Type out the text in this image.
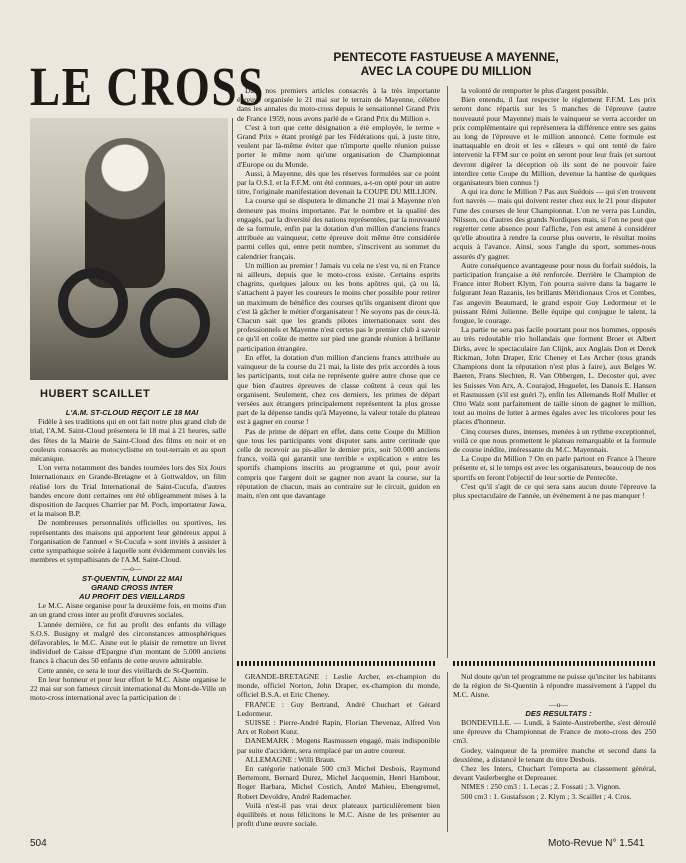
LE CROSS	PENTECOTE FASTUEUSE A MAYENNE,
AVEC LA COUPE DU MILLION
HUBERT SCAILLET

Dans nos premiers articles consacrés à la très importante épreuve organisée le 21 mai sur le terrain de Mayenne, célèbre dans les annales du moto-cross depuis le sensationnel Grand Prix de France 1959, nous avons parlé de « Grand Prix du Million ».

C'est à tort que cette désignation a été employée, le terme « Grand Prix » étant protégé par les Fédérations qui, à juste titre, veulent par là-même éviter que n'importe quelle réunion puisse porter le même nom qu'une organisation de Championnat d'Europe ou du Monde.

Aussi, à Mayenne, dès que les réserves formulées sur ce point par la O.S.I. et la F.F.M. ont été connues, a-t-on opté pour un autre titre, l'originale manifestation devenait la COUPE DU MILLION.

La course qui se disputera le dimanche 21 mai à Mayenne n'en demeure pas moins importante. Par le nombre et la qualité des engagés, par la diversité des nations représentées, par la nouveauté de sa formule, enfin par la dotation d'un million d'anciens francs attribuée au vainqueur, cette épreuve doit même être considérée parmi celles qui, entre petit nombre, s'inscrivent au sommet du calendrier français.

Un million au premier ! Jamais vu cela ne s'est vu, ni en France ni ailleurs, depuis que le moto-cross existe. Certains esprits chagrins, quelques jaloux ou les bons apôtres qui, çà ou là, s'attachent à payer les coureurs le moins cher possible pour retirer un maximum de bénéfice des courses qu'ils organisent diront que c'est là gâcher le métier d'organisateur ! Ne soyons pas de ceux-là. Chacun sait que les grands pilotes internationaux sont des professionnels et Mayenne n'est certes pas le premier club à savoir ce qu'il en coûte de mettre sur pied une grande réunion à brillante participation étrangère.

En effet, la dotation d'un million d'anciens francs attribuée au vainqueur de la course du 21 mai, la liste des prix accordés à tous les participants, tout cela ne représente guère autre chose que ce que bien d'autres épreuves de classe coûtent à ceux qui les organisent. Seulement, chez ces derniers, les primes de départ versées aux étrangers principalement représentent la plus grosse part de la dépense tandis qu'à Mayenne, la valeur totale du plateau est à gagner en course !

Pas de prime de départ en effet, dans cette Coupe du Million que tous les participants vont disputer sans autre certitude que celle de recevoir au pis-aller le dernier prix, soit 50.000 anciens francs, voilà qui garantit une terrible « explication » entre les sportifs champions inscrits au programme et qui, pour avoir compris que l'argent doit se gagner non avant la course, sur la réputation de chacun, mais au contraire sur le circuit, guidon en main, n'en ont que davantage

la volonté de remporter le plus d'argent possible.

Bien entendu, il faut respecter le règlement F.F.M. Les prix seront donc répartis sur les 5 manches de l'épreuve (autre nouveauté pour Mayenne) mais le vainqueur se verra accorder un prix complémentaire qui représentera la différence entre ses gains au long de l'épreuve et le million annoncé. Cette formule est inattaquable en droit et les « râleurs » qui ont tenté de faire intervenir la FFM sur ce point en seront pour leur frais (et surtout devront digérer la déception où ils sont de ne pouvoir faire interdire cette Coupe du Million, devenue la hantise de quelques organisateurs bien connus !)

A qui ira donc le Million ? Pas aux Suédois — qui s'en trouvent fort navrés — mais qui doivent rester chez eux le 21 pour disputer l'une des courses de leur Championnat. L'on ne verra pas Lundin, Nilsson, ou d'autres des grands Nordiques mais, si l'on ne peut que regretter cette absence pour l'affiche, l'on est amené à considérer qu'elle aboutira à rendre la course plus ouverte, le résultat moins acquis à l'avance. Ainsi, sous l'angle du sport, sommes-nous assurés d'y gagner.

Autre conséquence avantageuse pour nous du forfait suédois, la participation française a été renforcée. Derrière le Champion de France inter Robert Klym, l'on pourra suivre dans la bagarre le fulgurant Jean Razanis, les brillants Méridionaux Cros et Combes, l'as angevin Beaumard, le grand espoir Guy Ledormeur et le puissant Rémi Julienne. Belle équipe qui conjugue le talent, la fougue, le courage.

La partie ne sera pas facile pourtant pour nos hommes, opposés au très redoutable trio hollandais que forment Broer et Albert Dirks, avec le spectaculaire Jan Clijnk, aux Anglais Don et Derek Rickman, John Draper, Eric Cheney et Les Archer (tous grands Champions dont la réputation n'est plus à faire), aux Belges W. Baeten, Frans Slechten, R. Van Obbergen, L. Decoster qui, avec les Suisses Von Arx, A. Courajod, Huguelet, les Danois E. Hansen et Rasmussen (s'il est guéri ?), enfin les Allemands Rolf Muller et Otto Walz sont parfaitement de taille sinon de gagner le million, tout au moins de lutter à armes égales avec les tricolores pour les places d'honneur.

Cinq courses dures, intenses, menées à un rythme exceptionnel, voilà ce que nous promettent le plateau remarquable et la formule de course inédite, intéressante du M.C. Mayennais.

La Coupe du Million ? On en parle partout en France à l'heure présente et, si le temps est avec les organisateurs, beaucoup de nos sportifs en feront l'objectif de leur sortie de Pentecôte.

C'est qu'il s'agit de ce qui sera sans aucun doute l'épreuve la plus spectaculaire de l'année, un événement à ne pas manquer !

L'A.M. ST-CLOUD REÇOIT LE 18 MAI

Fidèle à ses traditions qui en ont fait notre plus grand club de trial, l'A.M. Saint-Cloud présentera le 18 mai à 21 heures, salle des fêtes de la Mairie de Saint-Cloud des films en noir et en couleurs consacrés au motocyclisme en tout-terrain et au sport mécanique.

L'on verra notamment des bandes tournées lors des Six Jours Internationaux en Grande-Bretagne et à Gottwaldov, un film réalisé lors du Trial International de Saint-Cucufa, d'autres bandes encore dont certaines ont été obligeamment mises à la disposition de Jacques Charrier par M. Poch, importateur Jawa, et la maison B.P.

De nombreuses personnalités officielles ou sportives, les représentants des maisons qui apportent leur généreux appui à l'organisation de l'annuel « St-Cucufa » sont invités à assister à cette sympathique soirée à laquelle sont évidemment conviés les membres et sympathisants de l'A.M. Saint-Cloud.

—o—

ST-QUENTIN, LUNDI 22 MAI

GRAND CROSS INTER

AU PROFIT DES VIEILLARDS

Le M.C. Aisne organise pour la deuxième fois, en moins d'un an un grand cross inter au profit d'œuvres sociales.

L'année dernière, ce fut au profit des enfants du village S.O.S. Busigny et malgré des circonstances atmosphériques défavorables, le M.C. Aisne eut le plaisir de remettre un livret individuel de Caisse d'Epargne d'un montant de 5.000 anciens francs à chacun des 50 enfants de cette œuvre admirable.

Cette année, ce sera le tour des vieillards de St-Quentin.

En leur honneur et pour leur effort le M.C. Aisne organise le 22 mai sur son fameux circuit international du Mont-de-Ville un moto-cross international avec la participation de :

GRANDE-BRETAGNE : Leslie Archer, ex-champion du monde, officiel Norton, John Draper, ex-champion du monde, officiel B.S.A. et Eric Cheney.

FRANCE : Guy Bertrand, André Chuchart et Gérard Ledormeur.

SUISSE : Pierre-André Rapin, Florian Thevenaz, Alfred Von Arx et Robert Kunz.

DANEMARK : Mogens Rasmussen engagé, mais indisponible par suite d'accident, sera remplacé par un autre coureur.

ALLEMAGNE : Willi Braun.

En catégorie nationale 500 cm3 Michel Desbois, Raymond Bertemont, Bernard Durez, Michel Jacquemin, Henri Hambour, Roger Barbara, Michel Costich, André Mahieu, Ebengremel, Robert Devoldre, André Rademacher.

Voilà n'est-il pas vrai deux plateaux particulièrement bien équilibrés et nous félicitons le M.C. Aisne de les présenter au profit d'une œuvre sociale.

Nul doute qu'un tel programme ne puisse qu'inciter les habitants de la région de St-Quentin à répondre massivement à l'appel du M.C. Aisne.

—o—

DES RESULTATS :

BONDEVILLE. — Lundi, à Sainte-Austreberthe, s'est déroulé une épreuve du Championnat de France de moto-cross des 250 cm3.

Godey, vainqueur de la première manche et second dans la deuxième, a distancé le tenant du titre Desbois.

Chez les Inters, Chuchart l'emporta au classement général, devant Vaulerberghe et Depreauer.

NIMES : 250 cm3 : 1. Lecas ; 2. Fossati ; 3. Vignon.

500 cm3 : 1. Gustafsson ; 2. Klym ; 3. Scaillet ; 4. Cros.

504	Moto-Revue N° 1.541
